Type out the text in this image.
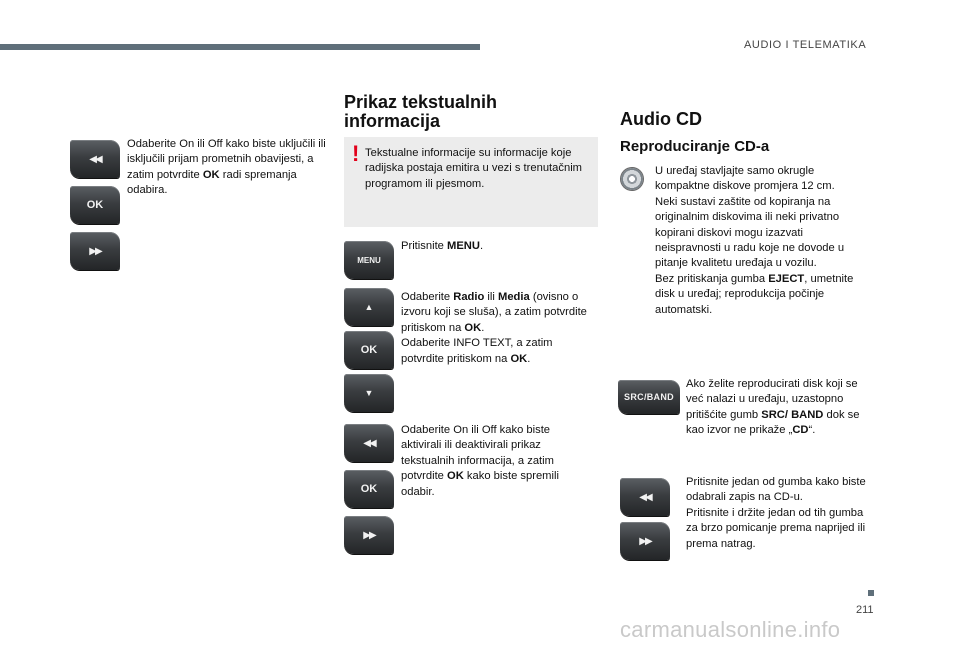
AUDIO I TELEMATIKA
◀◀
OK
▶▶
Odaberite On ili Off kako biste uključili ili isključili prijam prometnih obavijesti, a zatim potvrdite OK radi spremanja odabira.
Prikaz tekstualnih informacija
! Tekstualne informacije su informacije koje radijska postaja emitira u vezi s trenutačnim programom ili pjesmom.
MENU
Pritisnite MENU.
▲
OK
▼
Odaberite Radio ili Media (ovisno o izvoru koji se sluša), a zatim potvrdite pritiskom na OK.
Odaberite INFO TEXT, a zatim potvrdite pritiskom na OK.
◀◀
OK
▶▶
Odaberite On ili Off kako biste aktivirali ili deaktivirali prikaz tekstualnih informacija, a zatim potvrdite OK kako biste spremili odabir.
Audio CD
Reproduciranje CD-a
U uređaj stavljajte samo okrugle kompaktne diskove promjera 12 cm.
Neki sustavi zaštite od kopiranja na originalnim diskovima ili neki privatno kopirani diskovi mogu izazvati neispravnosti u radu koje ne dovode u pitanje kvalitetu uređaja u vozilu.
Bez pritiskanja gumba EJECT, umetnite disk u uređaj; reprodukcija počinje automatski.
SRC/BAND
Ako želite reproducirati disk koji se već nalazi u uređaju, uzastopno pritišćite gumb SRC/ BAND dok se kao izvor ne prikaže „CD“.
◀◀
▶▶
Pritisnite jedan od gumba kako biste odabrali zapis na CD-u.
Pritisnite i držite jedan od tih gumba za brzo pomicanje prema naprijed ili prema natrag.
211
carmanualsonline.info
